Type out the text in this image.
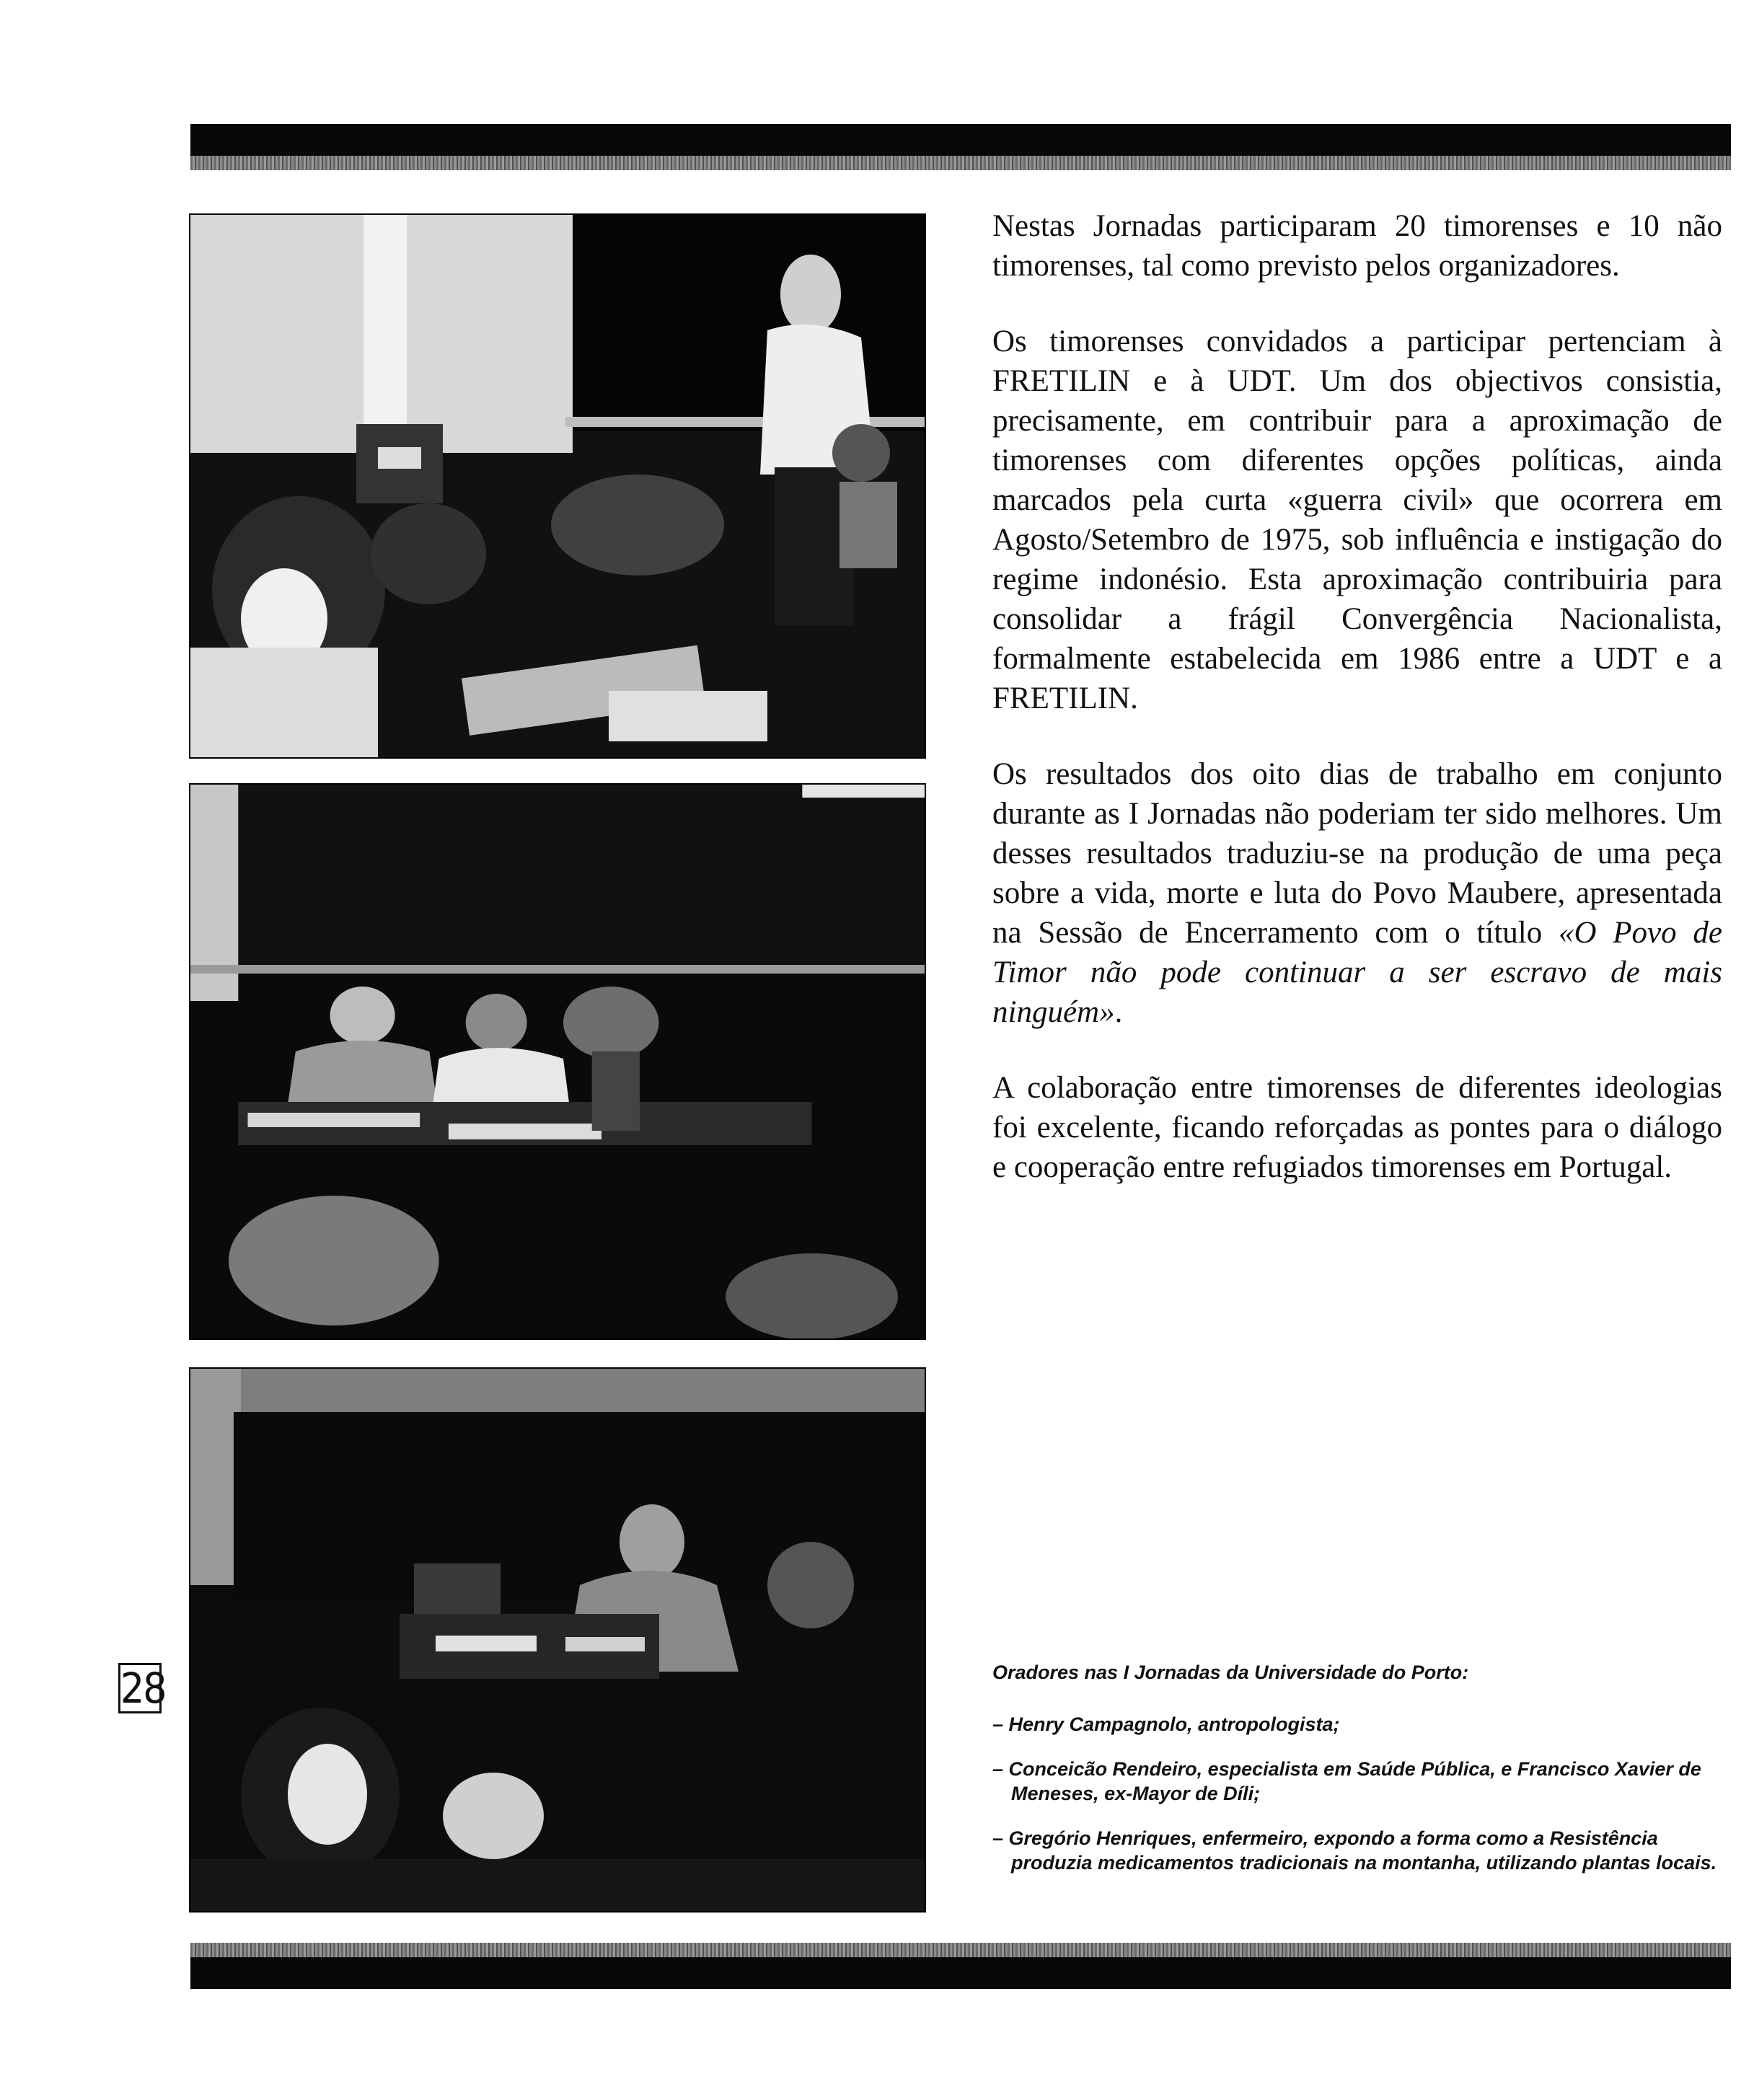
28

Nestas Jornadas participaram 20 timorenses e 10 não timorenses, tal como previsto pelos organizadores.

Os timorenses convidados a participar pertenciam à FRETILIN e à UDT. Um dos objectivos consistia, precisamente, em contribuir para a aproximação de timorenses com diferentes opções políticas, ainda marcados pela curta «guerra civil» que ocorrera em Agosto/Setembro de 1975, sob influência e instigação do regime indonésio. Esta aproximação contribuiria para consolidar a frágil Convergência Nacionalista, formalmente estabelecida em 1986 entre a UDT e a FRETILIN.

Os resultados dos oito dias de trabalho em conjunto durante as I Jornadas não poderiam ter sido melhores. Um desses resultados traduziu-se na produção de uma peça sobre a vida, morte e luta do Povo Maubere, apresentada na Sessão de Encerramento com o título «O Povo de Timor não pode continuar a ser escravo de mais ninguém».

A colaboração entre timorenses de diferentes ideologias foi excelente, ficando reforçadas as pontes para o diálogo e cooperação entre refugiados timorenses em Portugal.

Oradores nas I Jornadas da Universidade do Porto:
– Henry Campagnolo, antropologista;
– Conceicão Rendeiro, especialista em Saúde Pública, e Francisco Xavier de Meneses, ex-Mayor de Díli;
– Gregório Henriques, enfermeiro, expondo a forma como a Resistência produzia medicamentos tradicionais na montanha, utilizando plantas locais.
